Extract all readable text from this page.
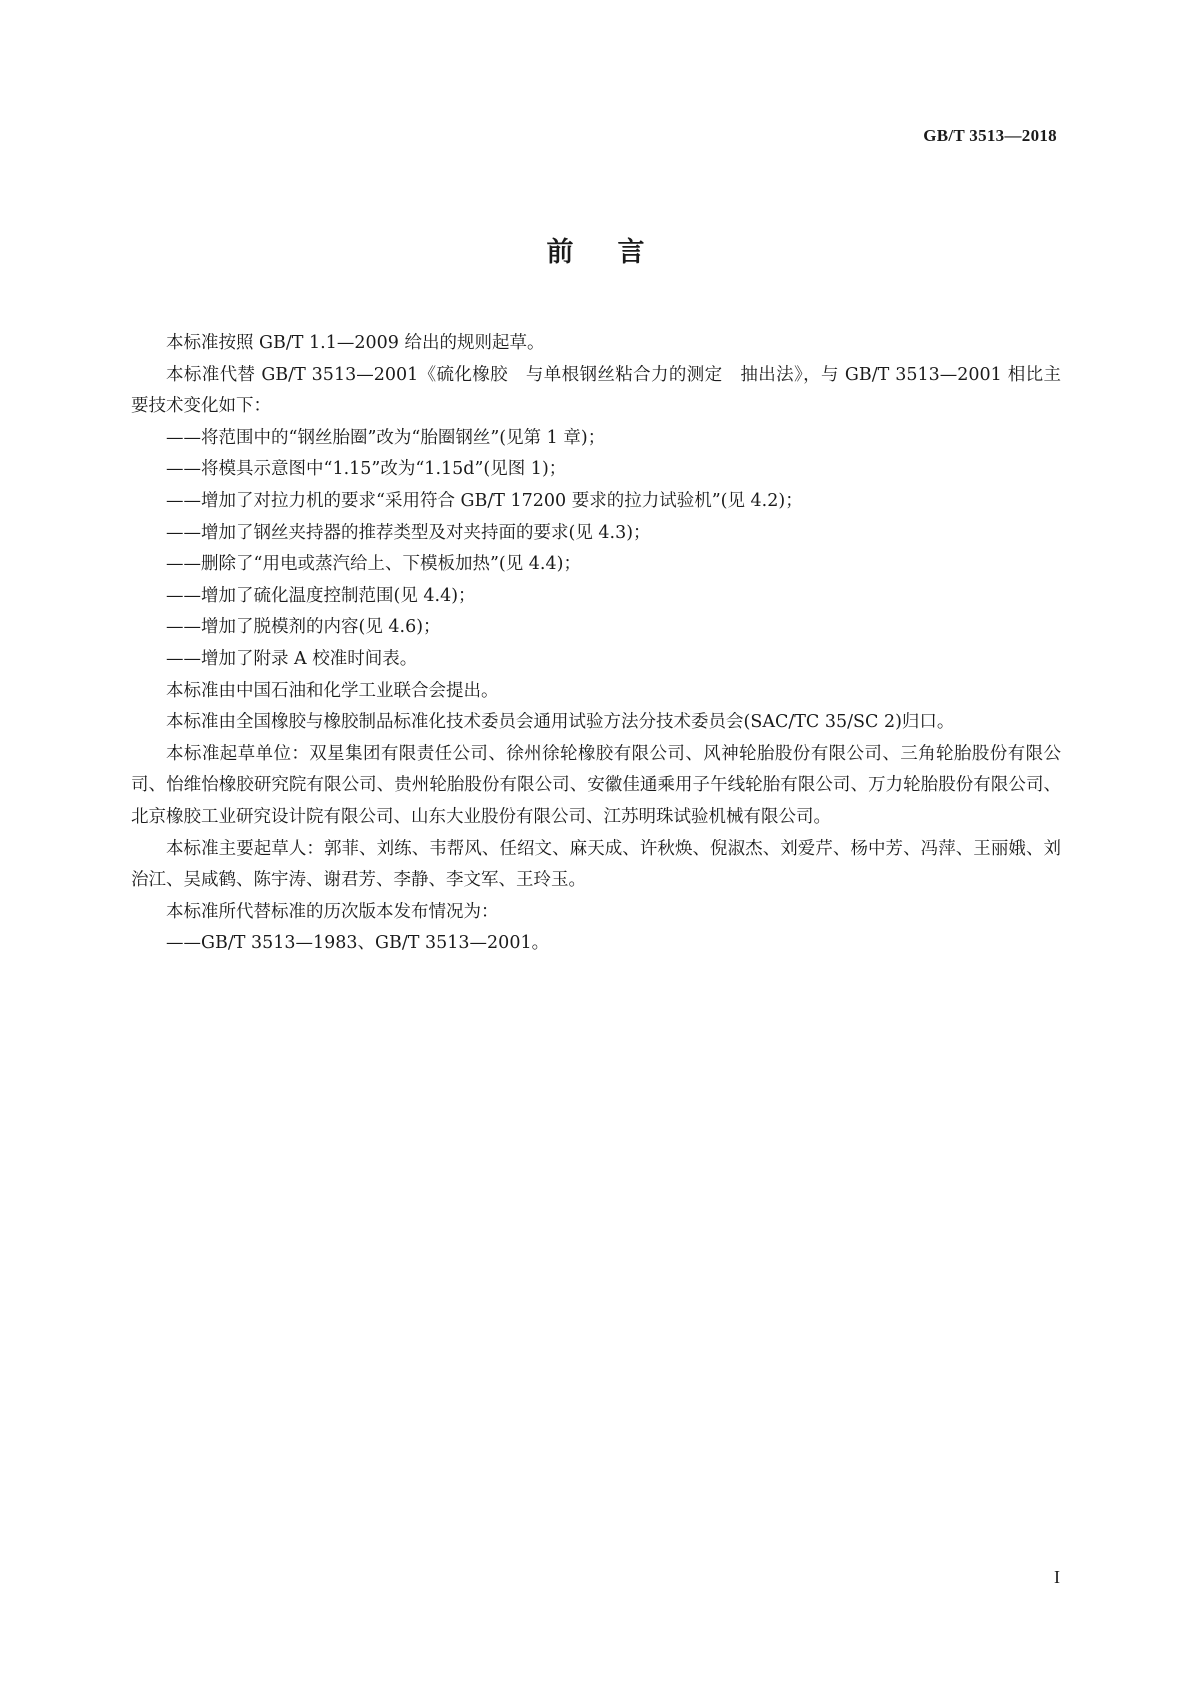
GB/T 3513—2018
前言

本标准按照 GB/T 1.1—2009 给出的规则起草。

本标准代替 GB/T 3513—2001《硫化橡胶　与单根钢丝粘合力的测定　抽出法》，与 GB/T 3513—2001 相比主要技术变化如下：

——将范围中的“钢丝胎圈”改为“胎圈钢丝”(见第 1 章)；

——将模具示意图中“1.15”改为“1.15d”(见图 1)；

——增加了对拉力机的要求“采用符合 GB/T 17200 要求的拉力试验机”(见 4.2)；

——增加了钢丝夹持器的推荐类型及对夹持面的要求(见 4.3)；

——删除了“用电或蒸汽给上、下模板加热”(见 4.4)；

——增加了硫化温度控制范围(见 4.4)；

——增加了脱模剂的内容(见 4.6)；

——增加了附录 A 校准时间表。

本标准由中国石油和化学工业联合会提出。

本标准由全国橡胶与橡胶制品标准化技术委员会通用试验方法分技术委员会(SAC/TC 35/SC 2)归口。

本标准起草单位：双星集团有限责任公司、徐州徐轮橡胶有限公司、风神轮胎股份有限公司、三角轮胎股份有限公司、怡维怡橡胶研究院有限公司、贵州轮胎股份有限公司、安徽佳通乘用子午线轮胎有限公司、万力轮胎股份有限公司、北京橡胶工业研究设计院有限公司、山东大业股份有限公司、江苏明珠试验机械有限公司。

本标准主要起草人：郭菲、刘练、韦帮风、任绍文、麻天成、许秋焕、倪淑杰、刘爱芹、杨中芳、冯萍、王丽娥、刘治江、吴咸鹤、陈宇涛、谢君芳、李静、李文军、王玲玉。

本标准所代替标准的历次版本发布情况为：

——GB/T 3513—1983、GB/T 3513—2001。

I
